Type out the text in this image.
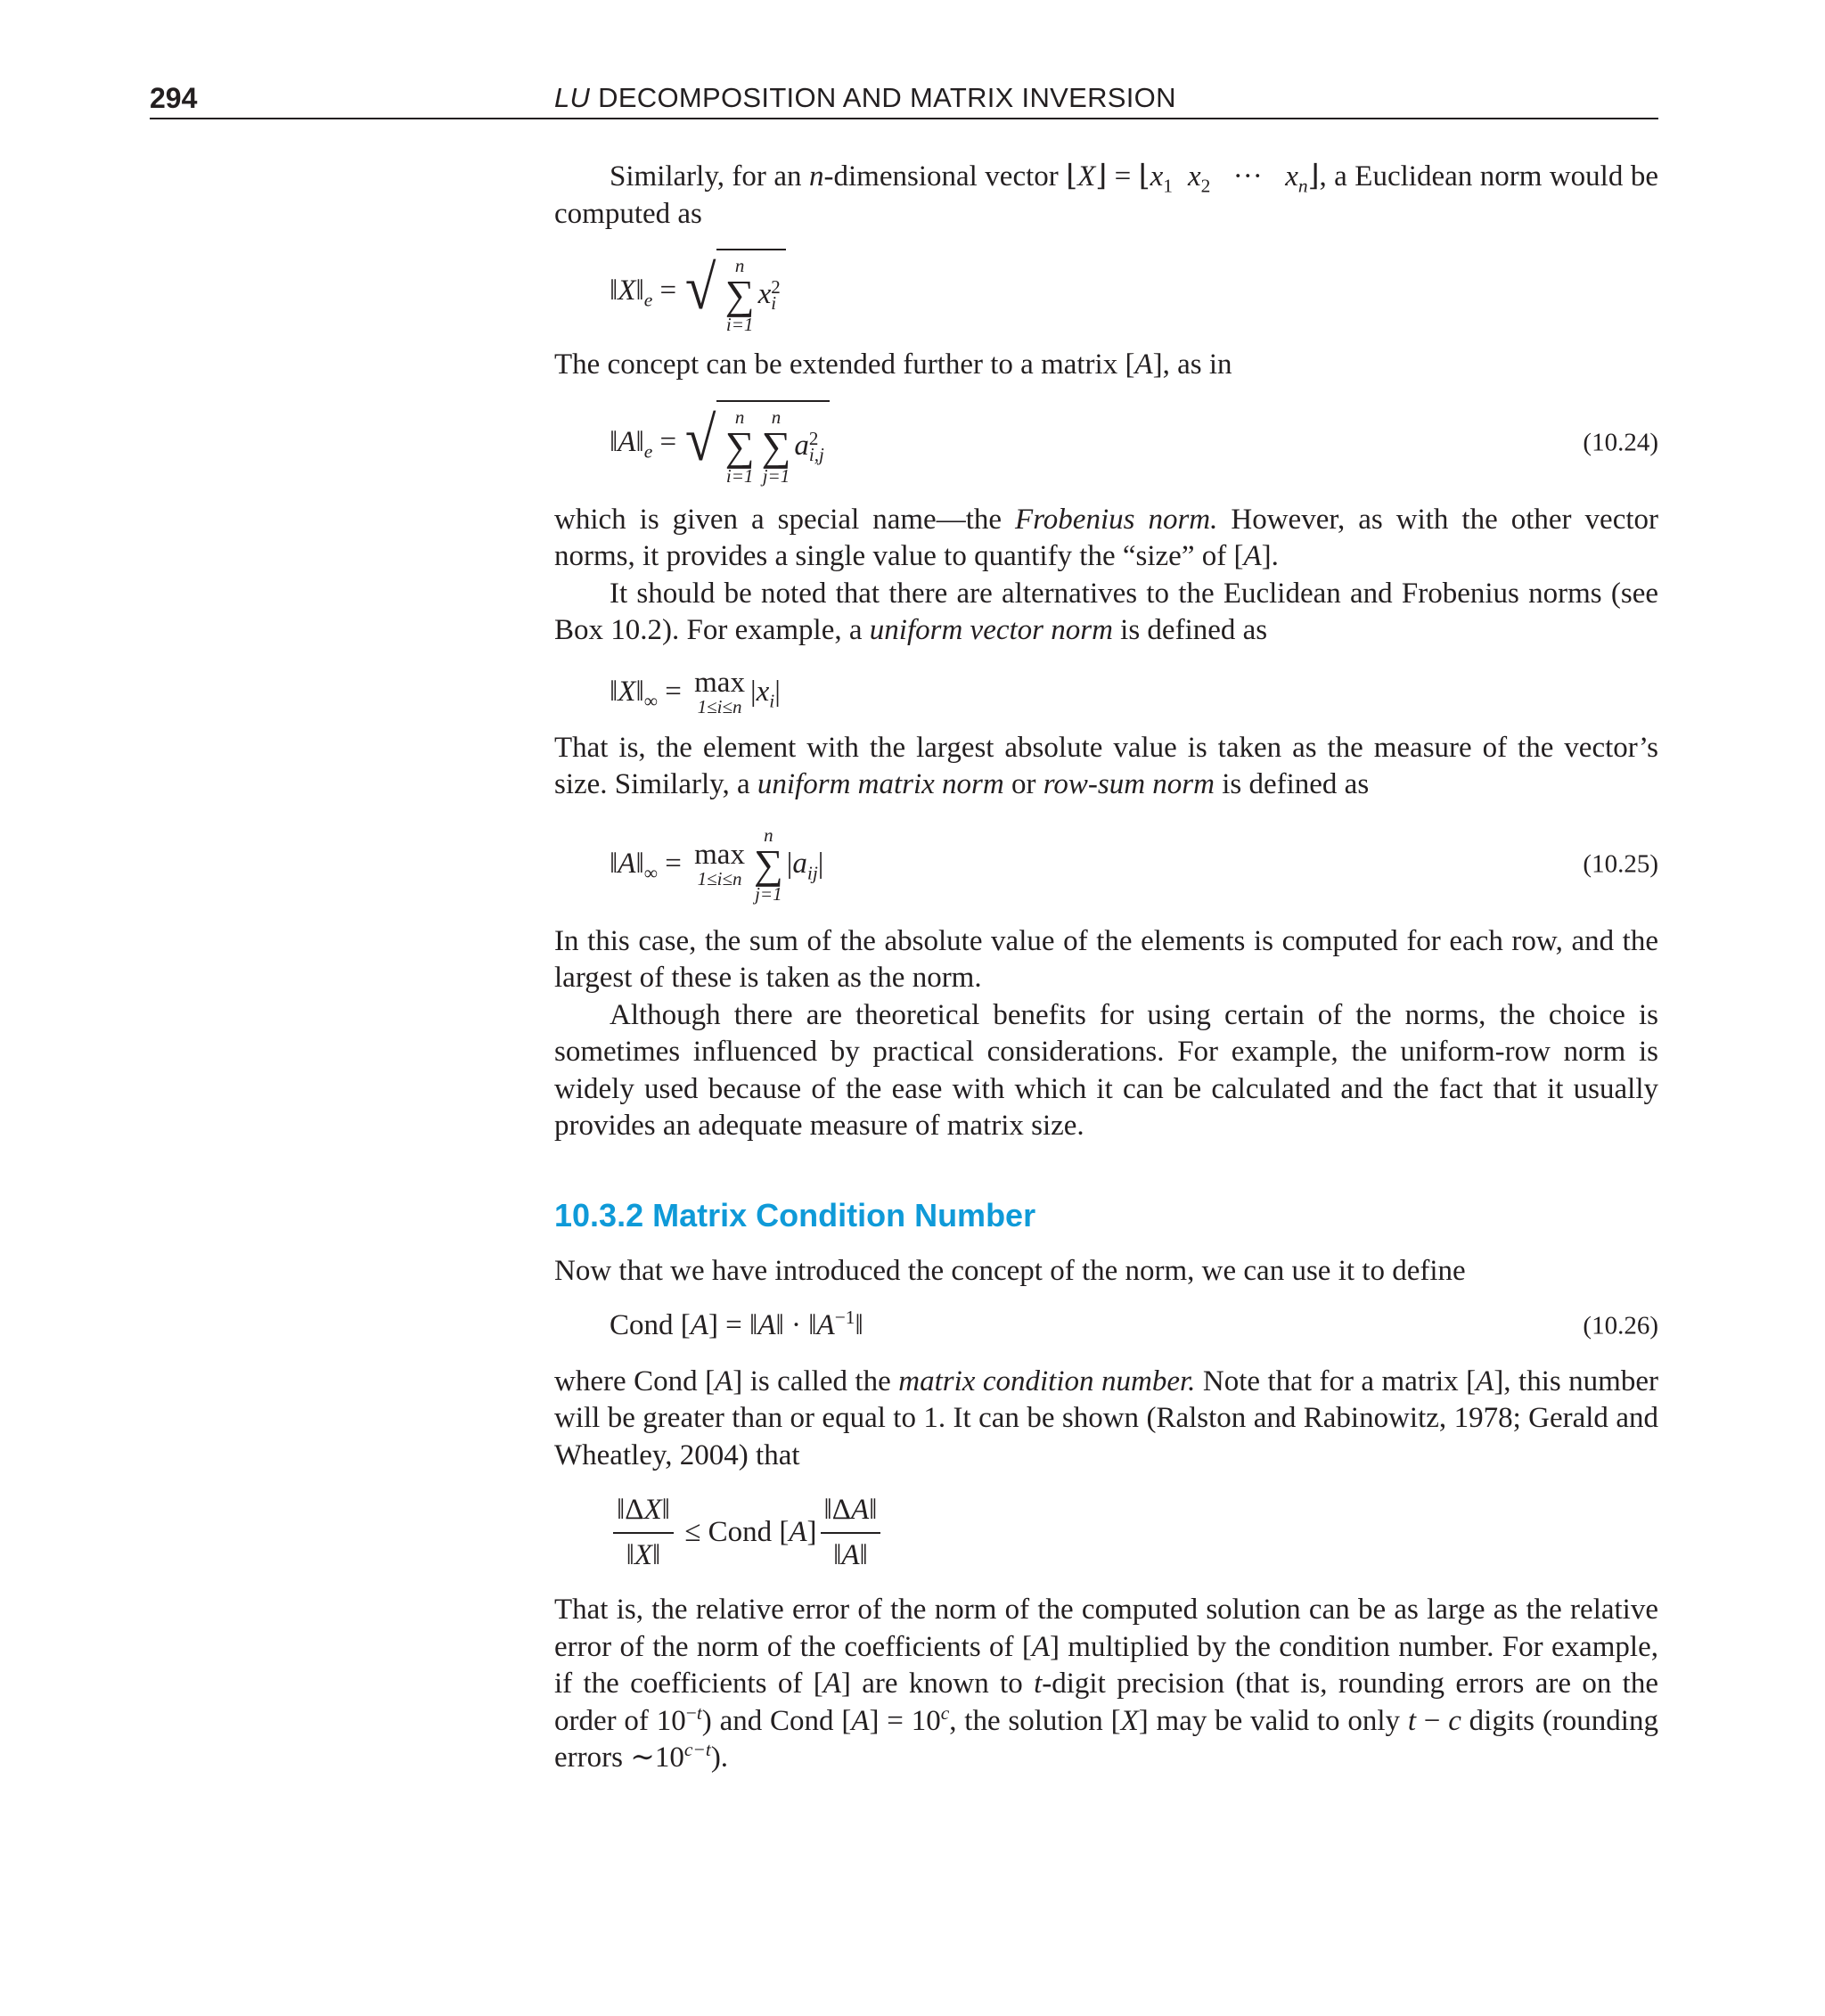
294	LU DECOMPOSITION AND MATRIX INVERSION

Similarly, for an n-dimensional vector ⌊X⌋ = $⌊x_1$ $x_2$   ···   $x_n⌋$, a Euclidean norm would be computed as

$‖X‖_e$ = √ n
∑
i=1
x 2
i

The concept can be extended further to a matrix [A], as in

$‖A‖_e$ = √ n
∑
i=1
n
∑
j=1
a 2
i,j	(10.24)

which is given a special name—the Frobenius norm. However, as with the other vector norms, it provides a single value to quantify the “size” of [A].

It should be noted that there are alternatives to the Euclidean and Frobenius norms (see Box 10.2). For example, a uniform vector norm is defined as

$‖X‖_\infty = \max$
1≤i≤n $|x_i|$

That is, the element with the largest absolute value is taken as the measure of the vector’s size. Similarly, a uniform matrix norm or row-sum norm is defined as

$‖A‖_\infty = \max$
1≤i≤n
n
∑
j=1
$|a_{ij}|$	(10.25)

In this case, the sum of the absolute value of the elements is computed for each row, and the largest of these is taken as the norm.

Although there are theoretical benefits for using certain of the norms, the choice is sometimes influenced by practical considerations. For example, the uniform-row norm is widely used because of the ease with which it can be calculated and the fact that it usually provides an adequate measure of matrix size.

10.3.2 Matrix Condition Number

Now that we have introduced the concept of the norm, we can use it to define

Cond [A] = ‖A‖ · $‖A^{-1}‖$	(10.26)

where Cond [A] is called the matrix condition number. Note that for a matrix [A], this number will be greater than or equal to 1. It can be shown (Ralston and Rabinowitz, 1978; Gerald and Wheatley, 2004) that

$\frac{‖\Delta X‖}{‖X‖}$ ≤ Cond $[A] \frac{‖\Delta A‖}{‖A‖}$

That is, the relative error of the norm of the computed solution can be as large as the relative error of the norm of the coefficients of [A] multiplied by the condition number. For example, if the coefficients of [A] are known to t-digit precision (that is, rounding errors are on the order of $10^{-t}$) and Cond $[A] = 10^c$, the solution [X] may be valid to only t − c digits (rounding errors $\sim 10^{c-t}$).
